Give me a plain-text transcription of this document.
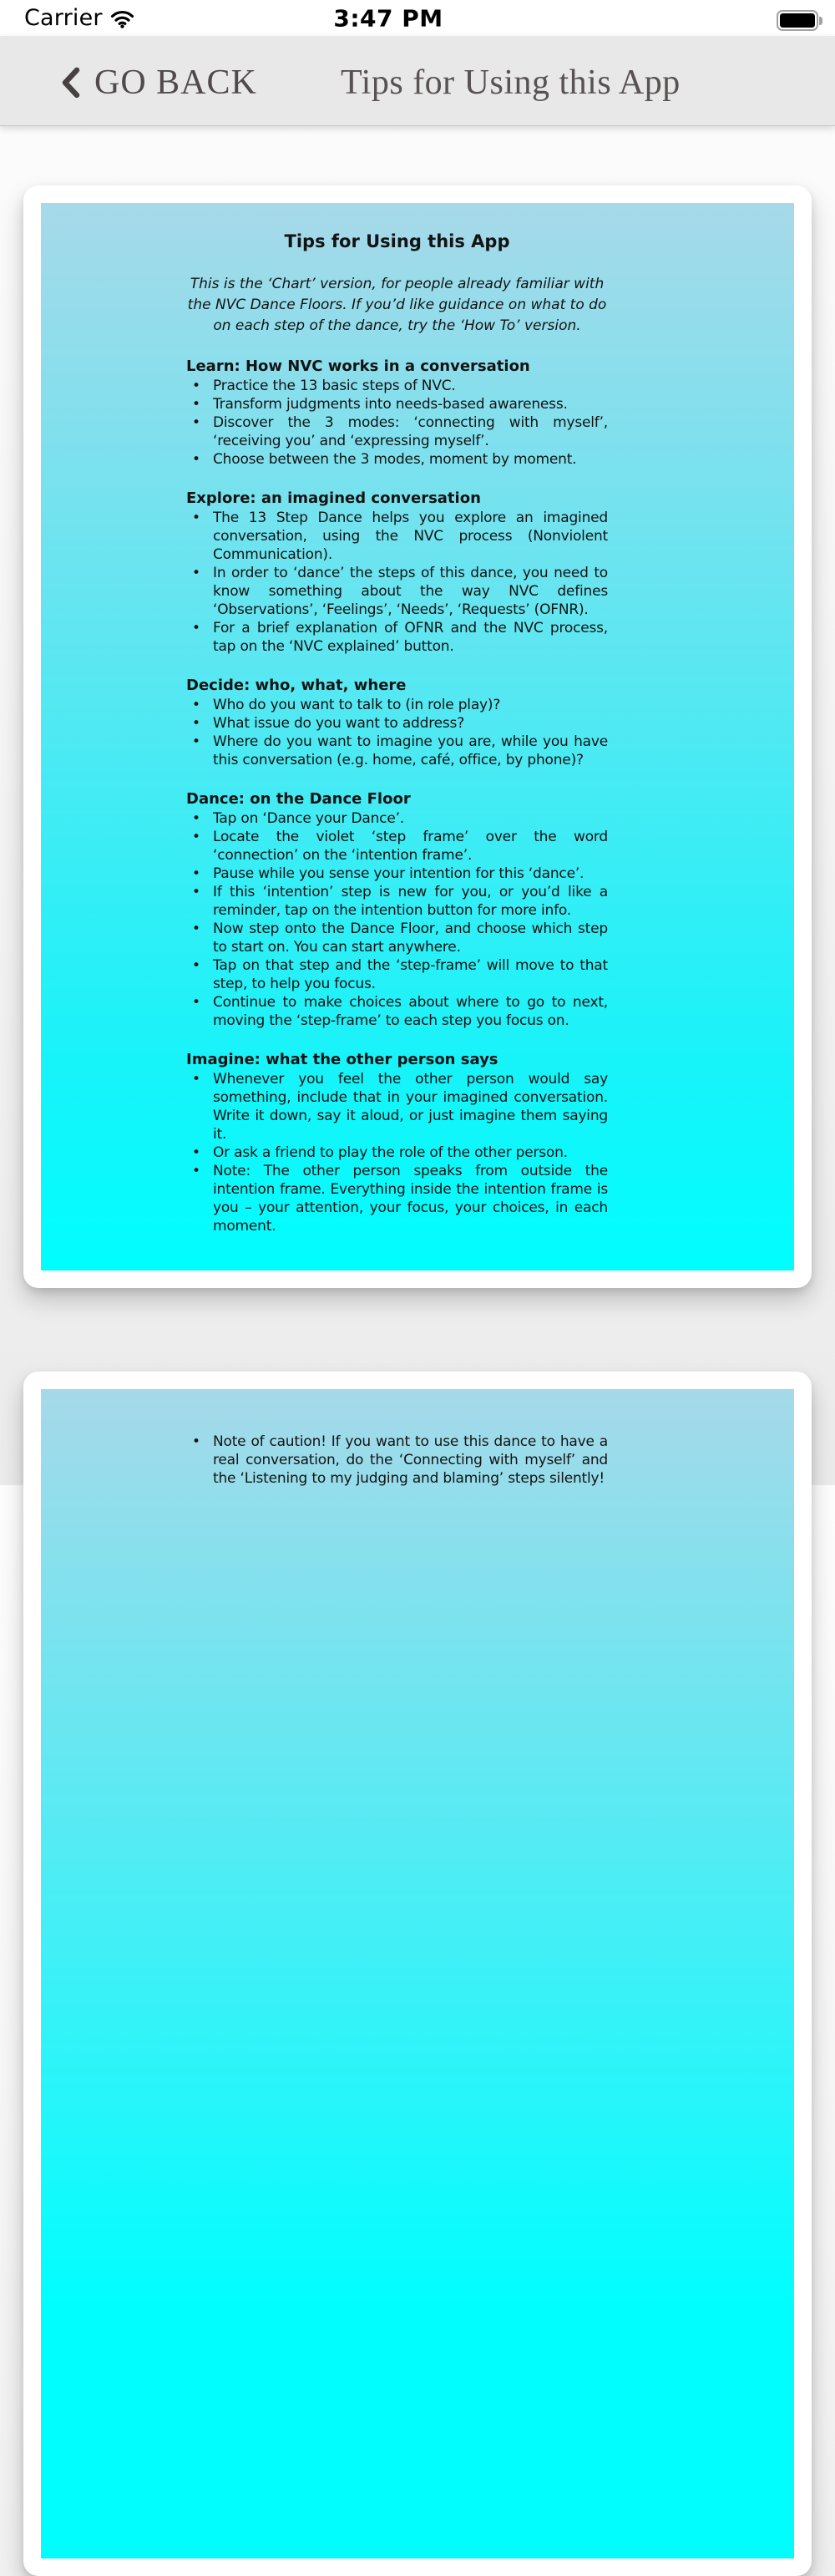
Carrier	3:47 PM
GO BACK Tips for Using this App
Tips for Using this App
This is the ‘Chart’ version, for people already familiar with
the NVC Dance Floors. If you’d like guidance on what to do
on each step of the dance, try the ‘How To’ version.
Learn: How NVC works in a conversation
• Practice the 13 basic steps of NVC.
• Transform judgments into needs-based awareness.
• Discover the 3 modes: ‘connecting with myself’, ‘receiving you’ and ‘expressing myself’.
• Choose between the 3 modes, moment by moment.
Explore: an imagined conversation
• The 13 Step Dance helps you explore an imagined conversation, using the NVC process (Nonviolent Communication).
• In order to ‘dance’ the steps of this dance, you need to know something about the way NVC defines ‘Observations’, ‘Feelings’, ‘Needs’, ‘Requests’ (OFNR).
• For a brief explanation of OFNR and the NVC process, tap on the ‘NVC explained’ button.
Decide: who, what, where
• Who do you want to talk to (in role play)?
• What issue do you want to address?
• Where do you want to imagine you are, while you have this conversation (e.g. home, café, office, by phone)?
Dance: on the Dance Floor
• Tap on ‘Dance your Dance’.
• Locate the violet ‘step frame’ over the word ‘connection’ on the ‘intention frame’.
• Pause while you sense your intention for this ‘dance’.
• If this ‘intention’ step is new for you, or you’d like a reminder, tap on the intention button for more info.
• Now step onto the Dance Floor, and choose which step to start on. You can start anywhere.
• Tap on that step and the ‘step-frame’ will move to that step, to help you focus.
• Continue to make choices about where to go to next, moving the ‘step-frame’ to each step you focus on.
Imagine: what the other person says
• Whenever you feel the other person would say something, include that in your imagined conversation. Write it down, say it aloud, or just imagine them saying it.
• Or ask a friend to play the role of the other person.
• Note: The other person speaks from outside the intention frame. Everything inside the intention frame is you – your attention, your focus, your choices, in each moment.
• Note of caution! If you want to use this dance to have a real conversation, do the ‘Connecting with myself’ and the ‘Listening to my judging and blaming’ steps silently!
